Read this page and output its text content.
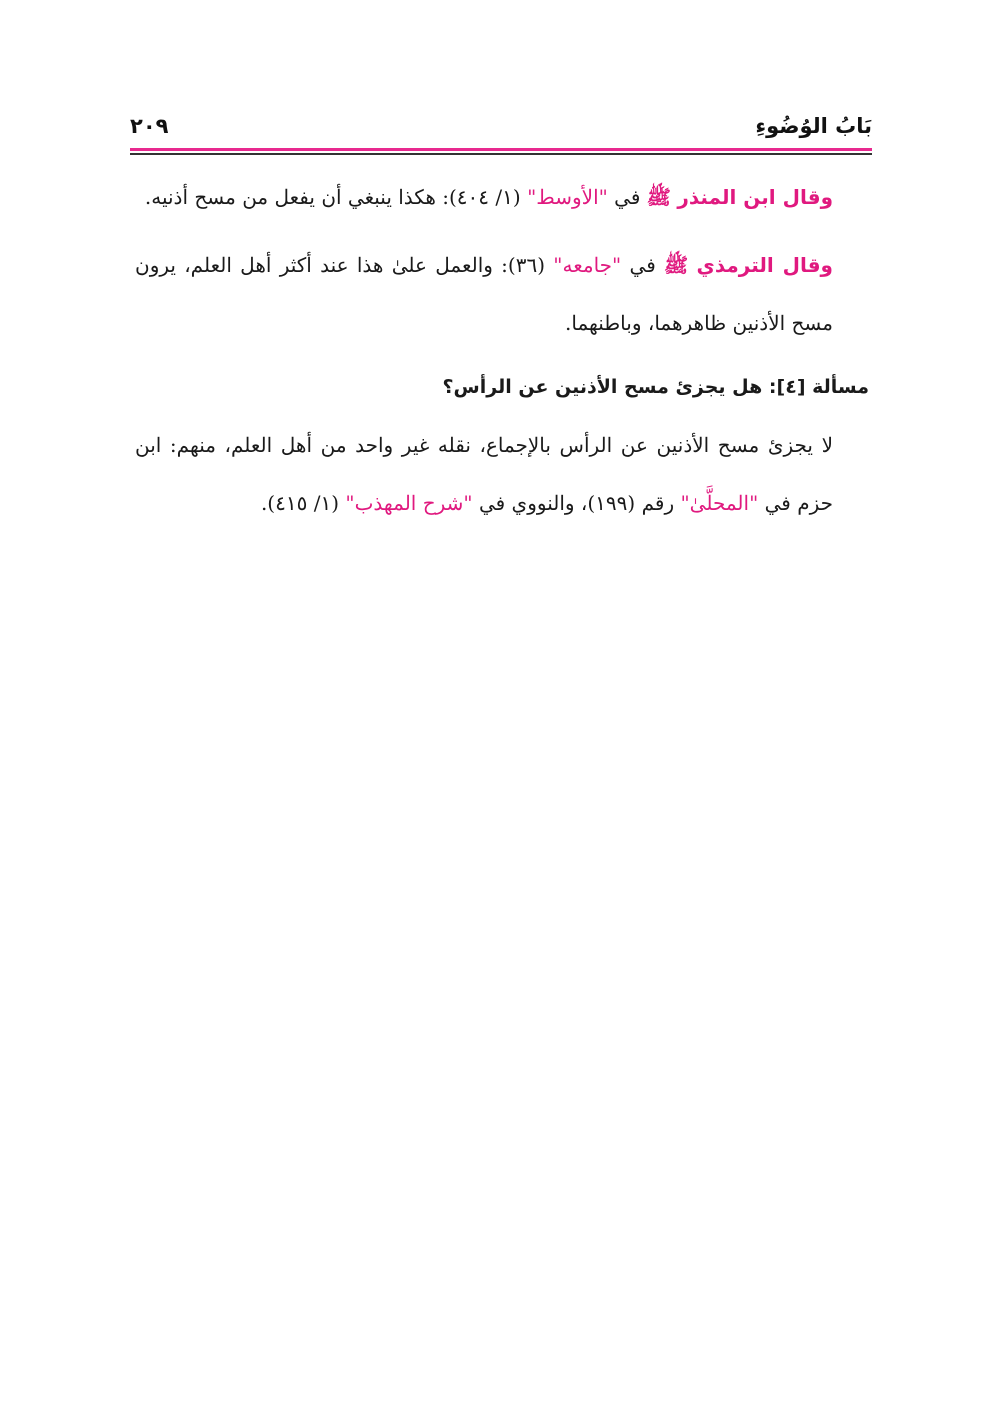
بَابُ الوُضُوءِ
٢٠٩

وقال ابن المنذر ﷺ في "الأوسط" (١/ ٤٠٤): هكذا ينبغي أن يفعل من مسح أذنيه.

وقال الترمذي ﷺ في "جامعه" (٣٦): والعمل علىٰ هذا عند أكثر أهل العلم، يرون مسح الأذنين ظاهرهما، وباطنهما.

مسألة [٤]: هل يجزئ مسح الأذنين عن الرأس؟

لا يجزئ مسح الأذنين عن الرأس بالإجماع، نقله غير واحد من أهل العلم، منهم: ابن حزم في "المحلَّىٰ" رقم (١٩٩)، والنووي في "شرح المهذب" (١/ ٤١٥).
